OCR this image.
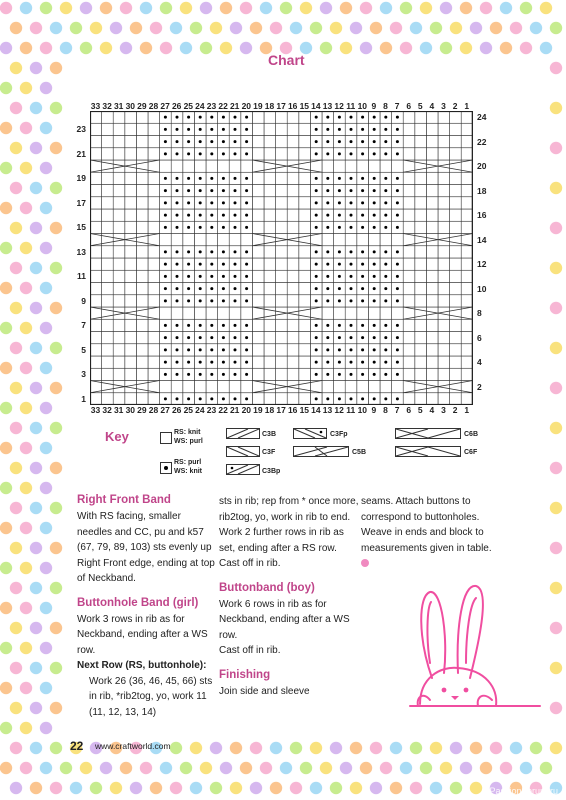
Chart
33 32 31 30 29 28 27 26 25 24 23 22 21 20 19 18 17 16 15 14 13 12 11 10 9 8 7 6 5 4 3 2 1
33 32 31 30 29 28 27 26 25 24 23 22 21 20 19 18 17 16 15 14 13 12 11 10 9 8 7 6 5 4 3 2 1
23
21
19
17
15
13
11
9
7
5
3
1
24
22
20
18
16
14
12
10
8
6
4
2
Key	RS: knit
WS: purl
RS: purl
WS: knit
C3B
C3F
C3Bp
C3Fp
C5B
C6B
C6F
Right Front Band

With RS facing, smaller needles and CC, pu and k57 (67, 79, 89, 103) sts evenly up Right Front edge, ending at top of Neckband.

Buttonhole Band (girl)

Work 3 rows in rib as for Neckband, ending after a WS row.

Next Row (RS, buttonhole):

Work 26 (36, 46, 45, 66) sts in rib, *rib2tog, yo, work 11 (11, 12, 13, 14)

sts in rib; rep from * once more, rib2tog, yo, work in rib to end.

Work 2 further rows in rib as set, ending after a RS row.

Cast off in rib.

Buttonband (boy)

Work 6 rows in rib as for Neckband, ending after a WS row.

Cast off in rib.

Finishing

Join side and sleeve

seams. Attach buttons to correspond to buttonholes. Weave in ends and block to measurements given in table.

22 www.craftworld.com
PassionForum.ru
